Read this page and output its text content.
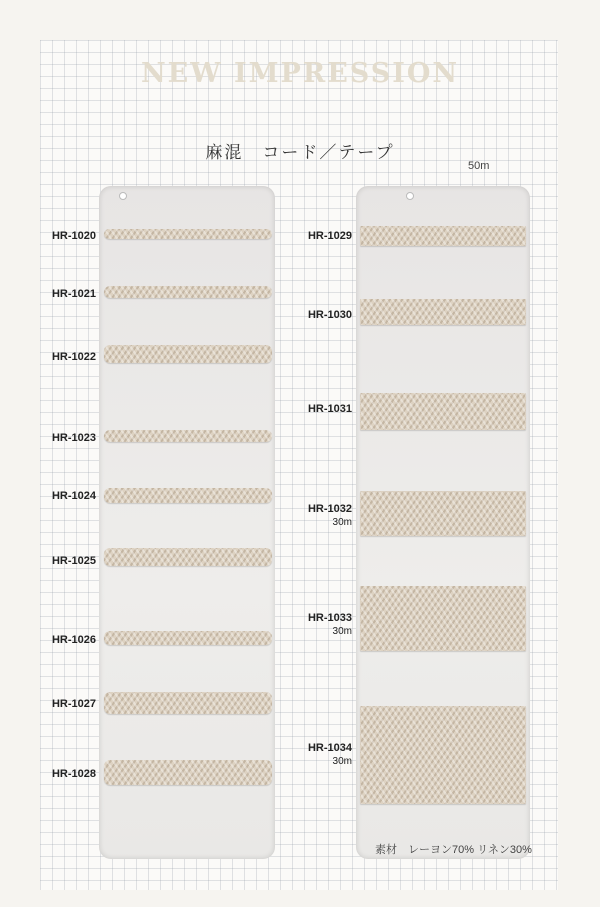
NEW IMPRESSION
麻混　コード／テープ
50m
HR-1020
HR-1021
HR-1022
HR-1023
HR-1024
HR-1025
HR-1026
HR-1027
HR-1028
HR-1029
HR-1030
HR-1031
HR-1032
30m
HR-1033
30m
HR-1034
30m
素材　レーヨン70% リネン30%
